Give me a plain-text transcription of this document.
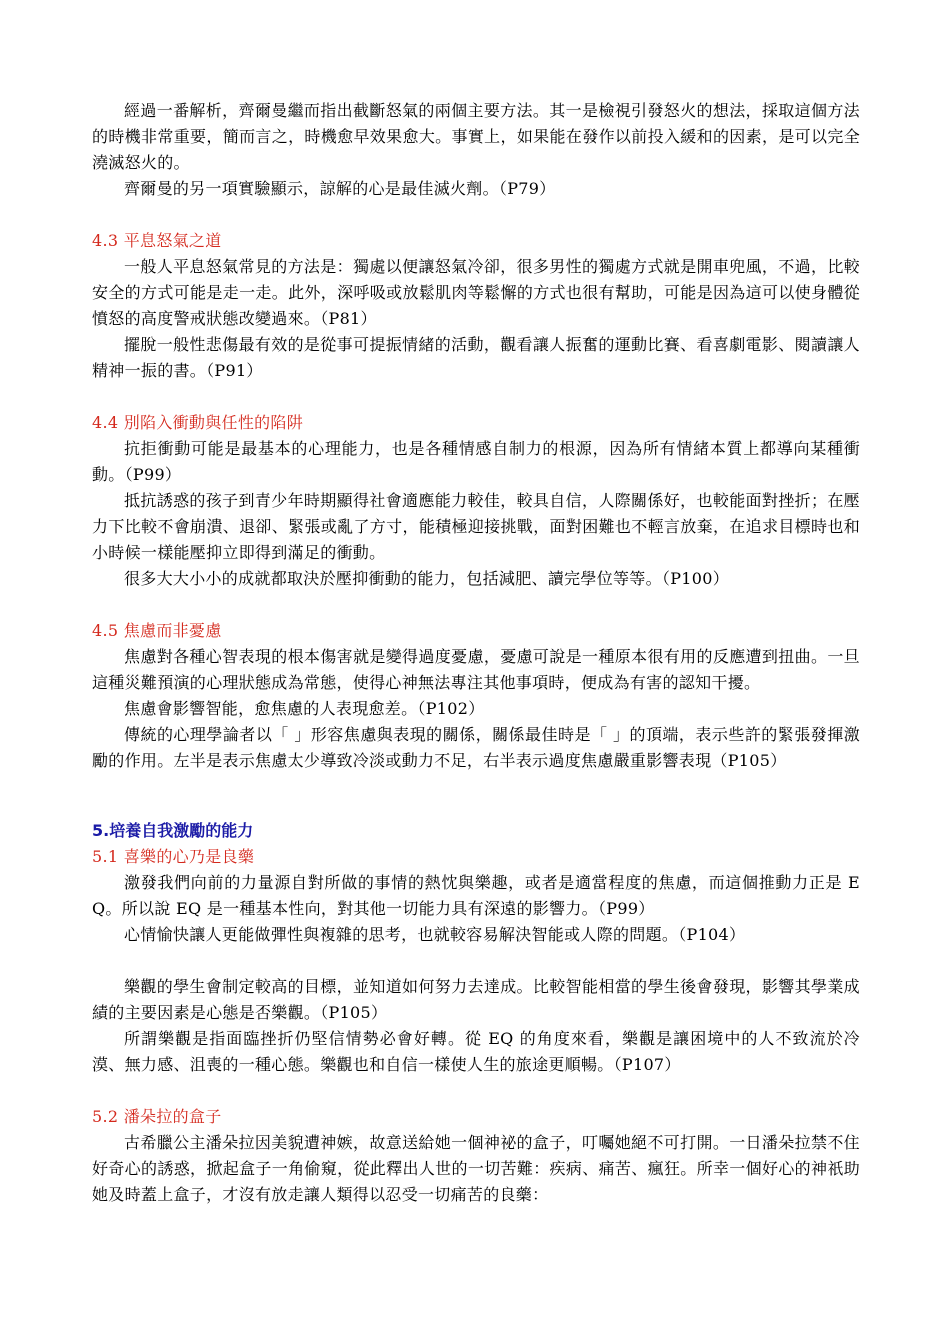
經過一番解析，齊爾曼繼而指出截斷怒氣的兩個主要方法。其一是檢視引發怒火的想法，採取這個方法的時機非常重要，簡而言之，時機愈早效果愈大。事實上，如果能在發作以前投入緩和的因素，是可以完全澆滅怒火的。

齊爾曼的另一項實驗顯示，諒解的心是最佳滅火劑。（P79）

4.3 平息怒氣之道

一般人平息怒氣常見的方法是：獨處以便讓怒氣冷卻，很多男性的獨處方式就是開車兜風，不過，比較安全的方式可能是走一走。此外，深呼吸或放鬆肌肉等鬆懈的方式也很有幫助，可能是因為這可以使身體從憤怒的高度警戒狀態改變過來。（P81）

擺脫一般性悲傷最有效的是從事可提振情緒的活動，觀看讓人振奮的運動比賽、看喜劇電影、閱讀讓人精神一振的書。（P91）

4.4 別陷入衝動與任性的陷阱

抗拒衝動可能是最基本的心理能力，也是各種情感自制力的根源，因為所有情緒本質上都導向某種衝動。（P99）

抵抗誘惑的孩子到青少年時期顯得社會適應能力較佳，較具自信，人際關係好，也較能面對挫折；在壓力下比較不會崩潰、退卻、緊張或亂了方寸，能積極迎接挑戰，面對困難也不輕言放棄，在追求目標時也和小時候一樣能壓抑立即得到滿足的衝動。

很多大大小小的成就都取決於壓抑衝動的能力，包括減肥、讀完學位等等。（P100）

4.5 焦慮而非憂慮

焦慮對各種心智表現的根本傷害就是變得過度憂慮，憂慮可說是一種原本很有用的反應遭到扭曲。一旦這種災難預演的心理狀態成為常態，使得心神無法專注其他事項時，便成為有害的認知干擾。

焦慮會影響智能，愈焦慮的人表現愈差。（P102）

傳統的心理學論者以「 」形容焦慮與表現的關係，關係最佳時是「 」的頂端，表示些許的緊張發揮激勵的作用。左半是表示焦慮太少導致冷淡或動力不足，右半表示過度焦慮嚴重影響表現（P105）

5.培養自我激勵的能力
5.1 喜樂的心乃是良藥

激發我們向前的力量源自對所做的事情的熱忱與樂趣，或者是適當程度的焦慮，而這個推動力正是 EQ。所以說 EQ 是一種基本性向，對其他一切能力具有深遠的影響力。（P99）

心情愉快讓人更能做彈性與複雜的思考，也就較容易解決智能或人際的問題。（P104）

樂觀的學生會制定較高的目標，並知道如何努力去達成。比較智能相當的學生後會發現，影響其學業成績的主要因素是心態是否樂觀。（P105）

所謂樂觀是指面臨挫折仍堅信情勢必會好轉。從 EQ 的角度來看，樂觀是讓困境中的人不致流於冷漠、無力感、沮喪的一種心態。樂觀也和自信一樣使人生的旅途更順暢。（P107）

5.2 潘朵拉的盒子

古希臘公主潘朵拉因美貌遭神嫉，故意送給她一個神祕的盒子，叮囑她絕不可打開。一日潘朵拉禁不住好奇心的誘惑，掀起盒子一角偷窺，從此釋出人世的一切苦難：疾病、痛苦、瘋狂。所幸一個好心的神祇助她及時蓋上盒子，才沒有放走讓人類得以忍受一切痛苦的良藥：
